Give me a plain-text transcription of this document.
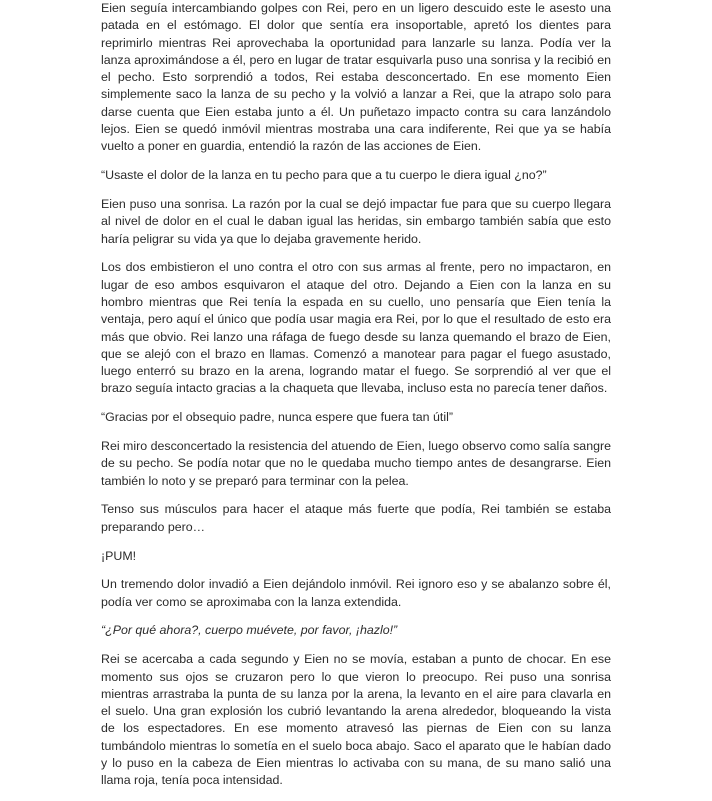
Eien seguía intercambiando golpes con Rei, pero en un ligero descuido este le asesto una patada en el estómago. El dolor que sentía era insoportable, apretó los dientes para reprimirlo mientras Rei aprovechaba la oportunidad para lanzarle su lanza. Podía ver la lanza aproximándose a él, pero en lugar de tratar esquivarla puso una sonrisa y la recibió en el pecho. Esto sorprendió a todos, Rei estaba desconcertado. En ese momento Eien simplemente saco la lanza de su pecho y la volvió a lanzar a Rei, que la atrapo solo para darse cuenta que Eien estaba junto a él. Un puñetazo impacto contra su cara lanzándolo lejos. Eien se quedó inmóvil mientras mostraba una cara indiferente, Rei que ya se había vuelto a poner en guardia, entendió la razón de las acciones de Eien.

“Usaste el dolor de la lanza en tu pecho para que a tu cuerpo le diera igual ¿no?”

Eien puso una sonrisa. La razón por la cual se dejó impactar fue para que su cuerpo llegara al nivel de dolor en el cual le daban igual las heridas, sin embargo también sabía que esto haría peligrar su vida ya que lo dejaba gravemente herido.

Los dos embistieron el uno contra el otro con sus armas al frente, pero no impactaron, en lugar de eso ambos esquivaron el ataque del otro. Dejando a Eien con la lanza en su hombro mientras que Rei tenía la espada en su cuello, uno pensaría que Eien tenía la ventaja, pero aquí el único que podía usar magia era Rei, por lo que el resultado de esto era más que obvio. Rei lanzo una ráfaga de fuego desde su lanza quemando el brazo de Eien, que se alejó con el brazo en llamas. Comenzó a manotear para pagar el fuego asustado, luego enterró su brazo en la arena, logrando matar el fuego. Se sorprendió al ver que el brazo seguía intacto gracias a la chaqueta que llevaba, incluso esta no parecía tener daños.

“Gracias por el obsequio padre, nunca espere que fuera tan útil”

Rei miro desconcertado la resistencia del atuendo de Eien, luego observo como salía sangre de su pecho. Se podía notar que no le quedaba mucho tiempo antes de desangrarse. Eien también lo noto y se preparó para terminar con la pelea.

Tenso sus músculos para hacer el ataque más fuerte que podía, Rei también se estaba preparando pero…

¡PUM!

Un tremendo dolor invadió a Eien dejándolo inmóvil. Rei ignoro eso y se abalanzo sobre él, podía ver como se aproximaba con la lanza extendida.

“¿Por qué ahora?, cuerpo muévete, por favor, ¡hazlo!”

Rei se acercaba a cada segundo y Eien no se movía, estaban a punto de chocar. En ese momento sus ojos se cruzaron pero lo que vieron lo preocupo. Rei puso una sonrisa mientras arrastraba la punta de su lanza por la arena, la levanto en el aire para clavarla en el suelo. Una gran explosión los cubrió levantando la arena alrededor, bloqueando la vista de los espectadores. En ese momento atravesó las piernas de Eien con su lanza tumbándolo mientras lo sometía en el suelo boca abajo. Saco el aparato que le habían dado y lo puso en la cabeza de Eien mientras lo activaba con su mana, de su mano salió una llama roja, tenía poca intensidad.
